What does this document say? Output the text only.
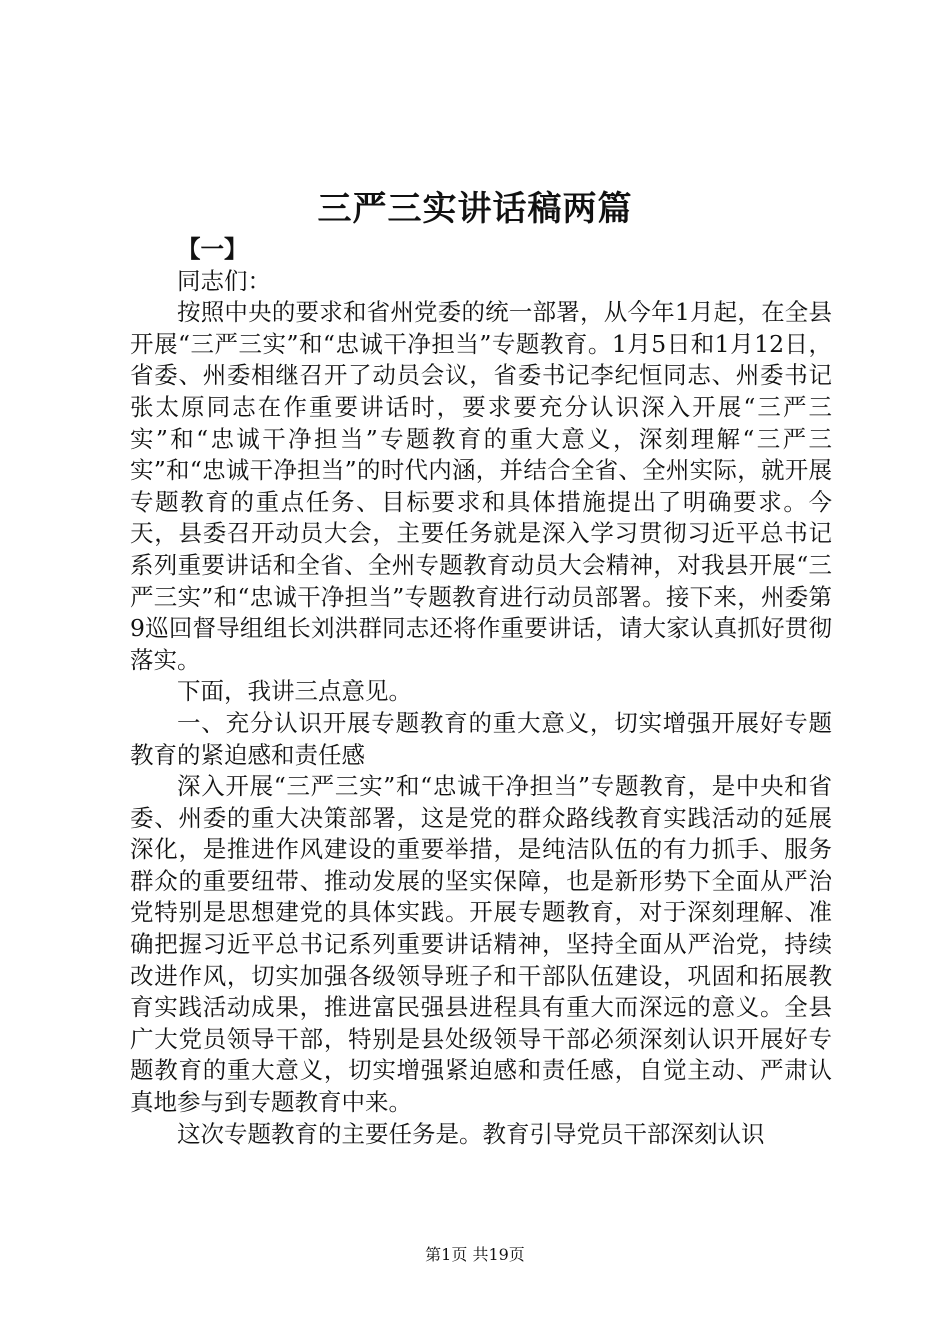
三严三实讲话稿两篇

【一】

同志们：

按照中央的要求和省州党委的统一部署，从今年1月起，在全县开展“三严三实”和“忠诚干净担当”专题教育。1月5日和1月12日，省委、州委相继召开了动员会议，省委书记李纪恒同志、州委书记张太原同志在作重要讲话时，要求要充分认识深入开展“三严三实”和“忠诚干净担当”专题教育的重大意义，深刻理解“三严三实”和“忠诚干净担当”的时代内涵，并结合全省、全州实际，就开展专题教育的重点任务、目标要求和具体措施提出了明确要求。今天，县委召开动员大会，主要任务就是深入学习贯彻习近平总书记系列重要讲话和全省、全州专题教育动员大会精神，对我县开展“三严三实”和“忠诚干净担当”专题教育进行动员部署。接下来，州委第9巡回督导组组长刘洪群同志还将作重要讲话，请大家认真抓好贯彻落实。

下面，我讲三点意见。

一、充分认识开展专题教育的重大意义，切实增强开展好专题教育的紧迫感和责任感

深入开展“三严三实”和“忠诚干净担当”专题教育，是中央和省委、州委的重大决策部署，这是党的群众路线教育实践活动的延展深化，是推进作风建设的重要举措，是纯洁队伍的有力抓手、服务群众的重要纽带、推动发展的坚实保障，也是新形势下全面从严治党特别是思想建党的具体实践。开展专题教育，对于深刻理解、准确把握习近平总书记系列重要讲话精神，坚持全面从严治党，持续改进作风，切实加强各级领导班子和干部队伍建设，巩固和拓展教育实践活动成果，推进富民强县进程具有重大而深远的意义。全县广大党员领导干部，特别是县处级领导干部必须深刻认识开展好专题教育的重大意义，切实增强紧迫感和责任感，自觉主动、严肃认真地参与到专题教育中来。

这次专题教育的主要任务是。教育引导党员干部深刻认识

第1页 共19页
